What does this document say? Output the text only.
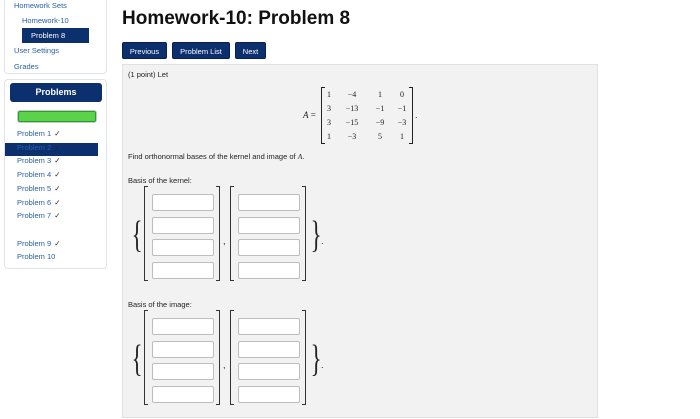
Homework Sets
Homework-10
Problem 8
User Settings
Grades
Problems
Problem 1 ✓
Problem 2 ✓
Problem 3 ✓
Problem 4 ✓
Problem 5 ✓
Problem 6 ✓
Problem 7 ✓
Problem 8
Problem 9 ✓
Problem 10
Homework-10: Problem 8
Previous	Problem List	Next
(1 point) Let
A =
1	−4	1	0
3	−13	−1	−1
3	−15	−9	−3
1	−3	5	1
.
Find orthonormal bases of the kernel and image of A.
Basis of the kernel:
{	, } .
Basis of the image:
{	, } .
